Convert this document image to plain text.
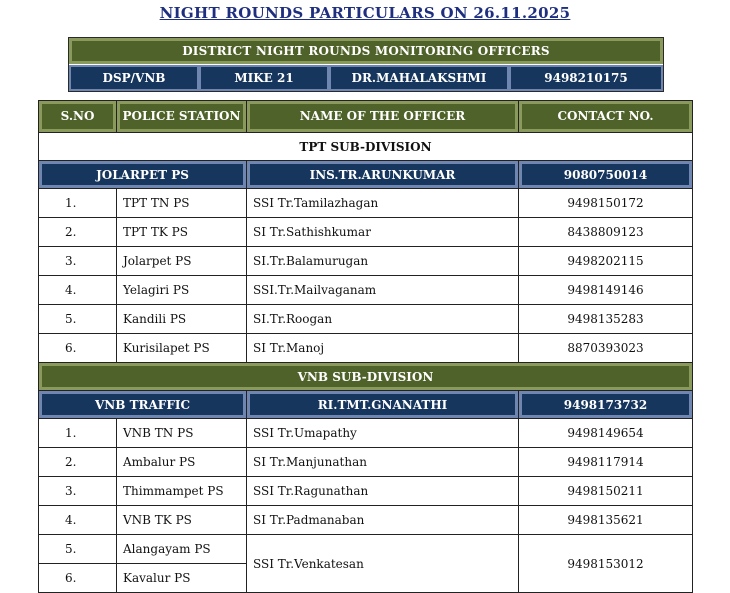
NIGHT ROUNDS PARTICULARS ON 26.11.2025
DISTRICT NIGHT ROUNDS MONITORING OFFICERS
DSP/VNB	MIKE 21	DR.MAHALAKSHMI	9498210175
S.NO	POLICE STATION	NAME OF THE OFFICER	CONTACT NO.
TPT SUB-DIVISION			
JOLARPET PS		INS.TR.ARUNKUMAR	9080750014
1.	TPT TN PS	SSI Tr.Tamilazhagan	9498150172
2.	TPT TK PS	SI Tr.Sathishkumar	8438809123
3.	Jolarpet PS	SI.Tr.Balamurugan	9498202115
4.	Yelagiri PS	SSI.Tr.Mailvaganam	9498149146
5.	Kandili PS	SI.Tr.Roogan	9498135283
6.	Kurisilapet PS	SI Tr.Manoj	8870393023
VNB SUB-DIVISION			
VNB TRAFFIC		RI.TMT.GNANATHI	9498173732
1.	VNB TN PS	SSI Tr.Umapathy	9498149654
2.	Ambalur PS	SI Tr.Manjunathan	9498117914
3.	Thimmampet PS	SSI Tr.Ragunathan	9498150211
4.	VNB TK PS	SI Tr.Padmanaban	9498135621
5.	Alangayam PS	SSI Tr.Venkatesan	9498153012
6.	Kavalur PS		
